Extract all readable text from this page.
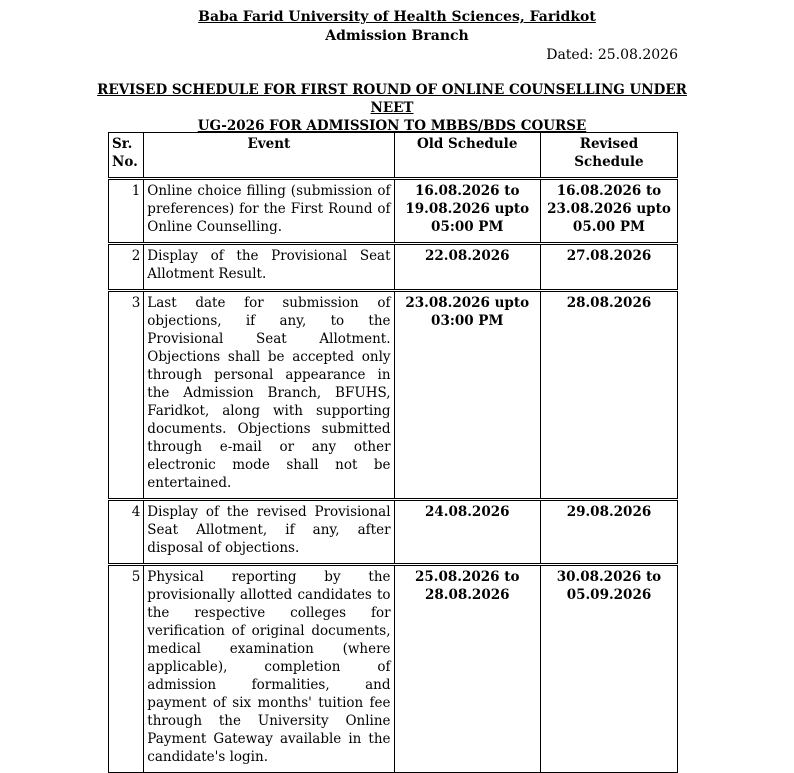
Baba Farid University of Health Sciences, Faridkot
Admission Branch
Dated: 25.08.2026
REVISED SCHEDULE FOR FIRST ROUND OF ONLINE COUNSELLING UNDER NEET
UG-2026 FOR ADMISSION TO MBBS/BDS COURSE
Sr.
No.	Event	Old Schedule	Revised
Schedule
1	Online choice filling (submission of preferences) for the First Round of Online Counselling.	16.08.2026 to
19.08.2026 upto
05:00 PM	16.08.2026 to
23.08.2026 upto
05.00 PM
2	Display of the Provisional Seat Allotment Result.	22.08.2026	27.08.2026
3	Last date for submission of objections, if any, to the Provisional Seat Allotment. Objections shall be accepted only through personal appearance in the Admission Branch, BFUHS, Faridkot, along with supporting documents. Objections submitted through e-mail or any other electronic mode shall not be entertained.	23.08.2026 upto
03:00 PM	28.08.2026
4	Display of the revised Provisional Seat Allotment, if any, after disposal of objections.	24.08.2026	29.08.2026
5	Physical reporting by the provisionally allotted candidates to the respective colleges for verification of original documents, medical examination (where applicable), completion of admission formalities, and payment of six months' tuition fee through the University Online Payment Gateway available in the candidate's login.	25.08.2026 to
28.08.2026	30.08.2026 to
05.09.2026
